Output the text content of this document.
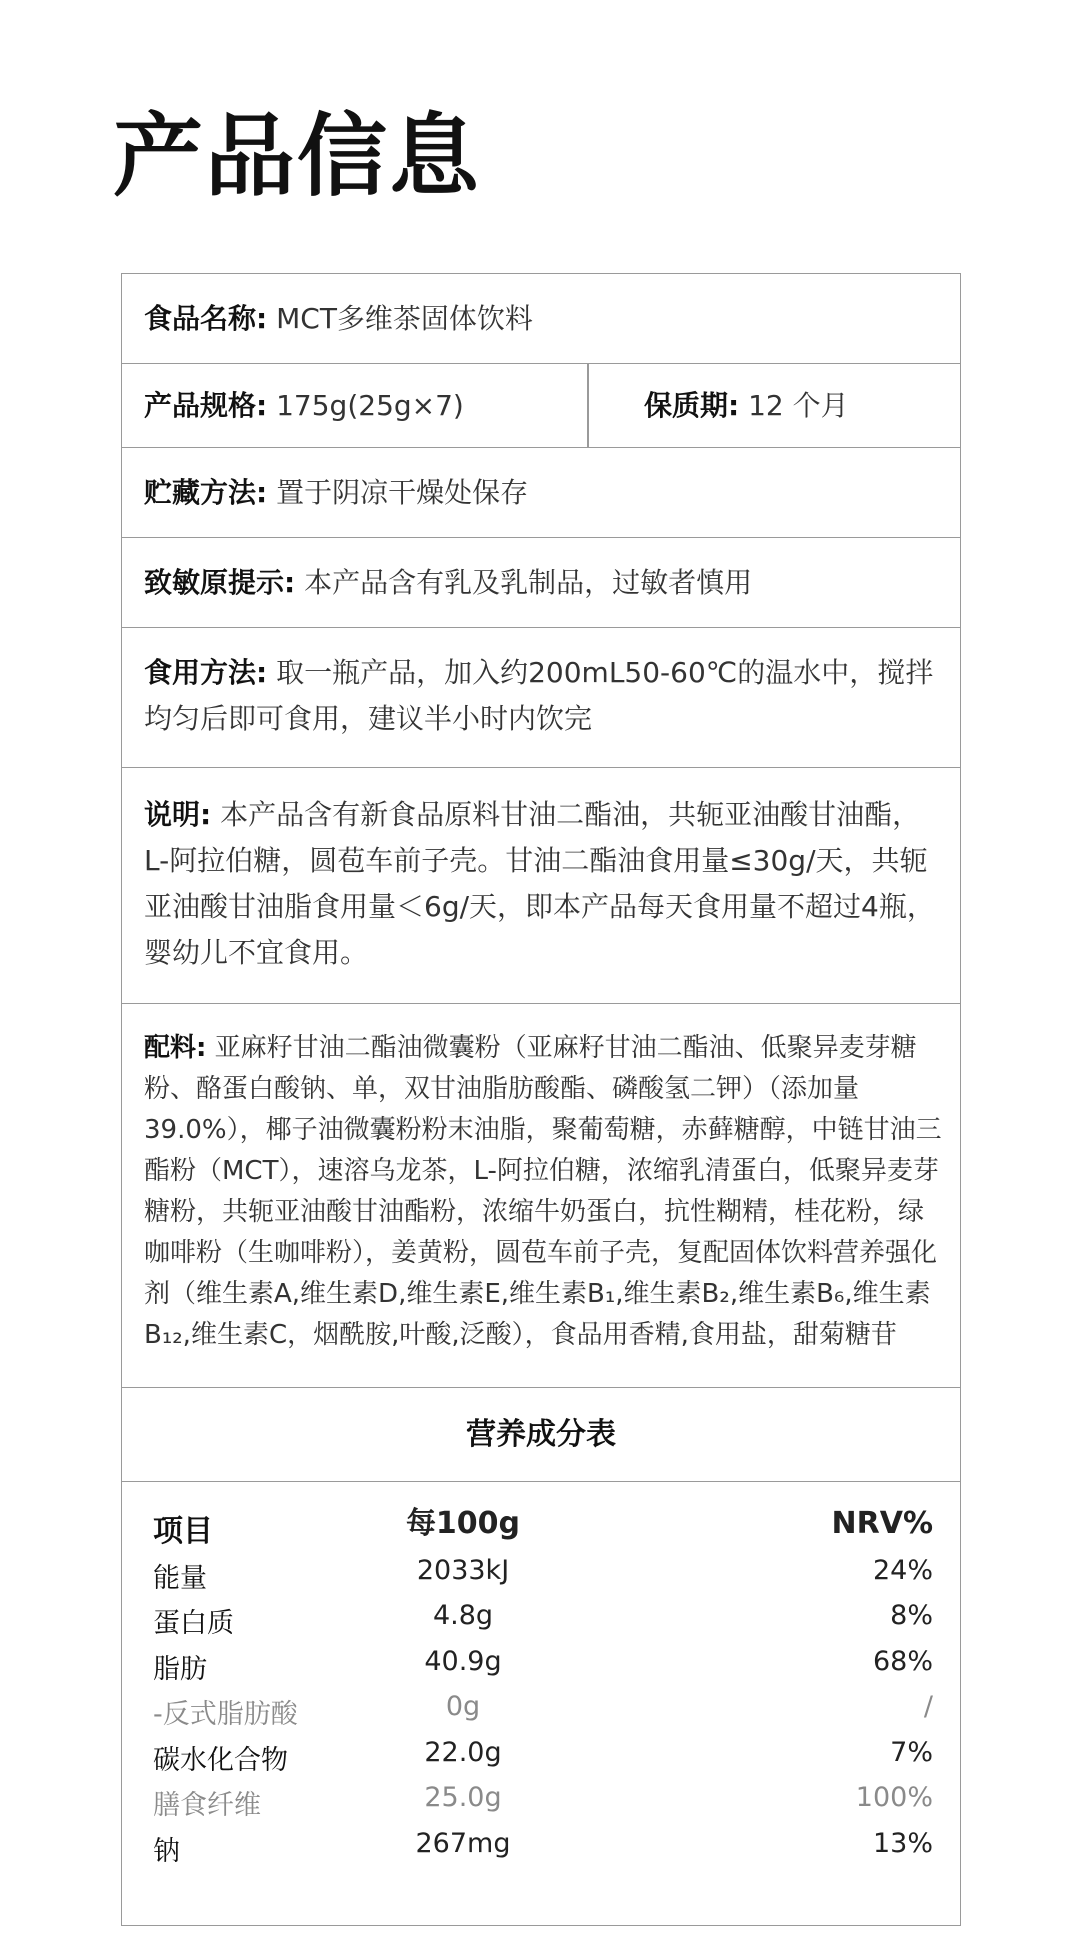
产品信息
食品名称: MCT多维茶固体饮料
产品规格: 175g(25g×7)	保质期: 12 个月
贮藏方法: 置于阴凉干燥处保存
致敏原提示: 本产品含有乳及乳制品，过敏者慎用
食用方法: 取一瓶产品，加入约200mL50-60℃的温水中，搅拌均匀后即可食用，建议半小时内饮完
说明: 本产品含有新食品原料甘油二酯油，共轭亚油酸甘油酯，L-阿拉伯糖，圆苞车前子壳。甘油二酯油食用量≤30g/天，共轭亚油酸甘油脂食用量＜6g/天，即本产品每天食用量不超过4瓶，婴幼儿不宜食用。
配料: 亚麻籽甘油二酯油微囊粉（亚麻籽甘油二酯油、低聚异麦芽糖粉、酪蛋白酸钠、单，双甘油脂肪酸酯、磷酸氢二钾）（添加量39.0%），椰子油微囊粉粉末油脂，聚葡萄糖，赤藓糖醇，中链甘油三酯粉（MCT），速溶乌龙茶，L-阿拉伯糖，浓缩乳清蛋白，低聚异麦芽糖粉，共轭亚油酸甘油酯粉，浓缩牛奶蛋白，抗性糊精，桂花粉，绿咖啡粉（生咖啡粉），姜黄粉，圆苞车前子壳，复配固体饮料营养强化剂（维生素A,维生素D,维生素E,维生素B₁,维生素B₂,维生素B₆,维生素B₁₂,维生素C，烟酰胺,叶酸,泛酸），食品用香精,食用盐，甜菊糖苷
营养成分表
项目	每100g	NRV%
能量	2033kJ	24%
蛋白质	4.8g	8%
脂肪	40.9g	68%
-反式脂肪酸	0g	/
碳水化合物	22.0g	7%
膳食纤维	25.0g	100%
钠	267mg	13%
